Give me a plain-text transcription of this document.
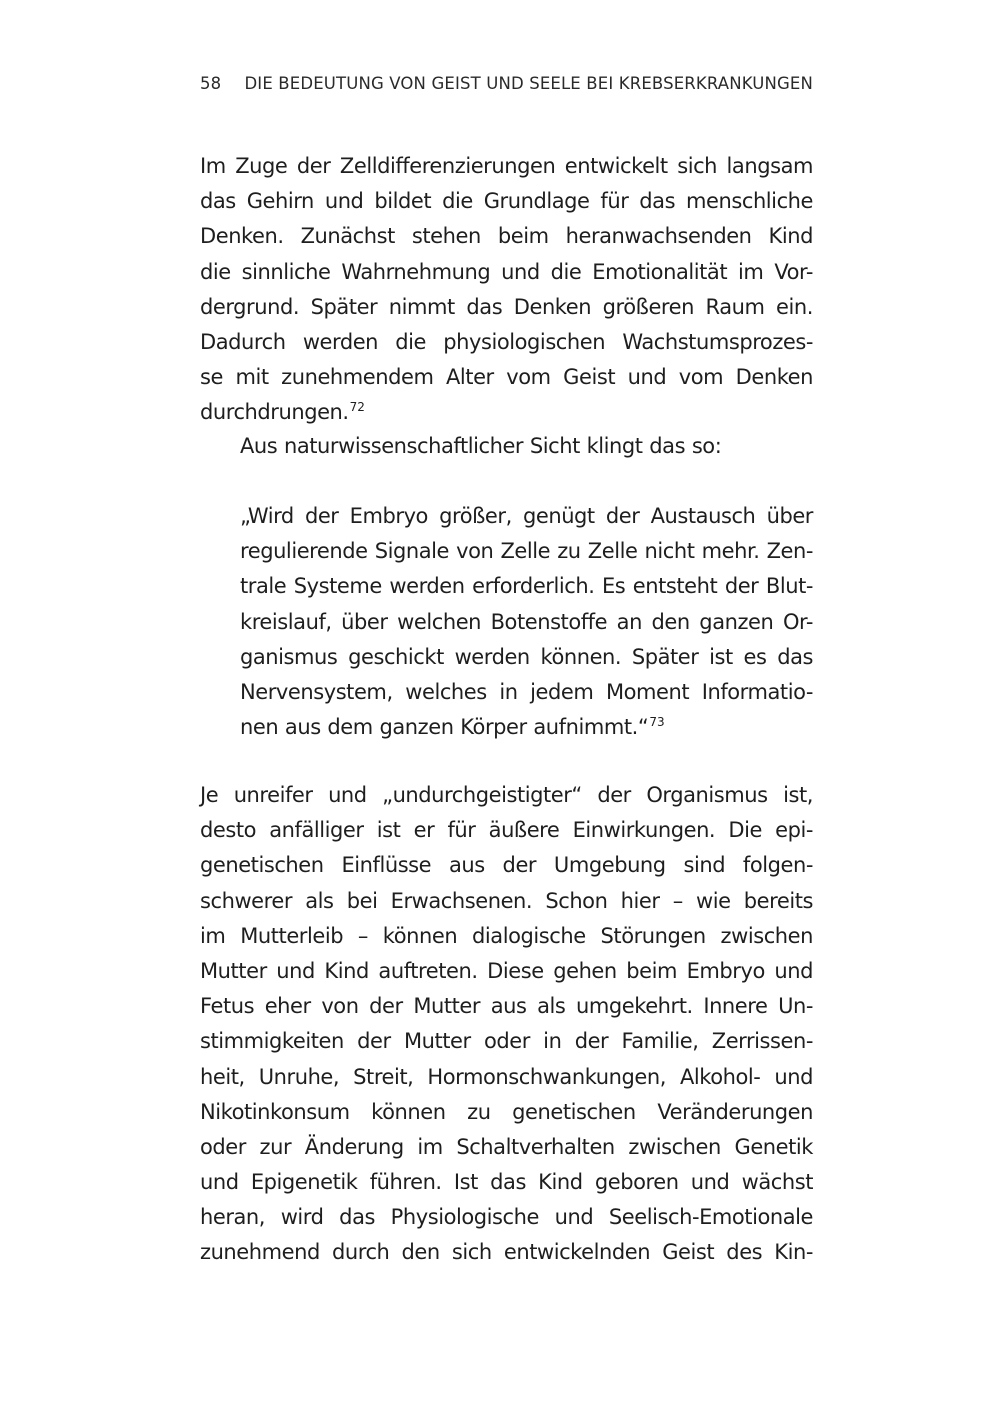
58 DIE BEDEUTUNG VON GEIST UND SEELE BEI KREBSERKRANKUNGEN
Im Zuge der Zelldifferenzierungen entwickelt sich langsam
das Gehirn und bildet die Grundlage für das menschliche
Denken. Zunächst stehen beim heranwachsenden Kind
die sinnliche Wahrnehmung und die Emotionalität im Vor-
dergrund. Später nimmt das Denken größeren Raum ein.
Dadurch werden die physiologischen Wachstumsprozes-
se mit zunehmendem Alter vom Geist und vom Denken
durchdrungen.$^{72}$
Aus naturwissenschaftlicher Sicht klingt das so:
„Wird der Embryo größer, genügt der Austausch über
regulierende Signale von Zelle zu Zelle nicht mehr. Zen-
trale Systeme werden erforderlich. Es entsteht der Blut-
kreislauf, über welchen Botenstoffe an den ganzen Or-
ganismus geschickt werden können. Später ist es das
Nervensystem, welches in jedem Moment Informatio-
nen aus dem ganzen Körper aufnimmt.“$^{73}$
Je unreifer und „undurchgeistigter“ der Organismus ist,
desto anfälliger ist er für äußere Einwirkungen. Die epi-
genetischen Einflüsse aus der Umgebung sind folgen-
schwerer als bei Erwachsenen. Schon hier – wie bereits
im Mutterleib – können dialogische Störungen zwischen
Mutter und Kind auftreten. Diese gehen beim Embryo und
Fetus eher von der Mutter aus als umgekehrt. Innere Un-
stimmigkeiten der Mutter oder in der Familie, Zerrissen-
heit, Unruhe, Streit, Hormonschwankungen, Alkohol- und
Nikotinkonsum können zu genetischen Veränderungen
oder zur Änderung im Schaltverhalten zwischen Genetik
und Epigenetik führen. Ist das Kind geboren und wächst
heran, wird das Physiologische und Seelisch-Emotionale
zunehmend durch den sich entwickelnden Geist des Kin-
